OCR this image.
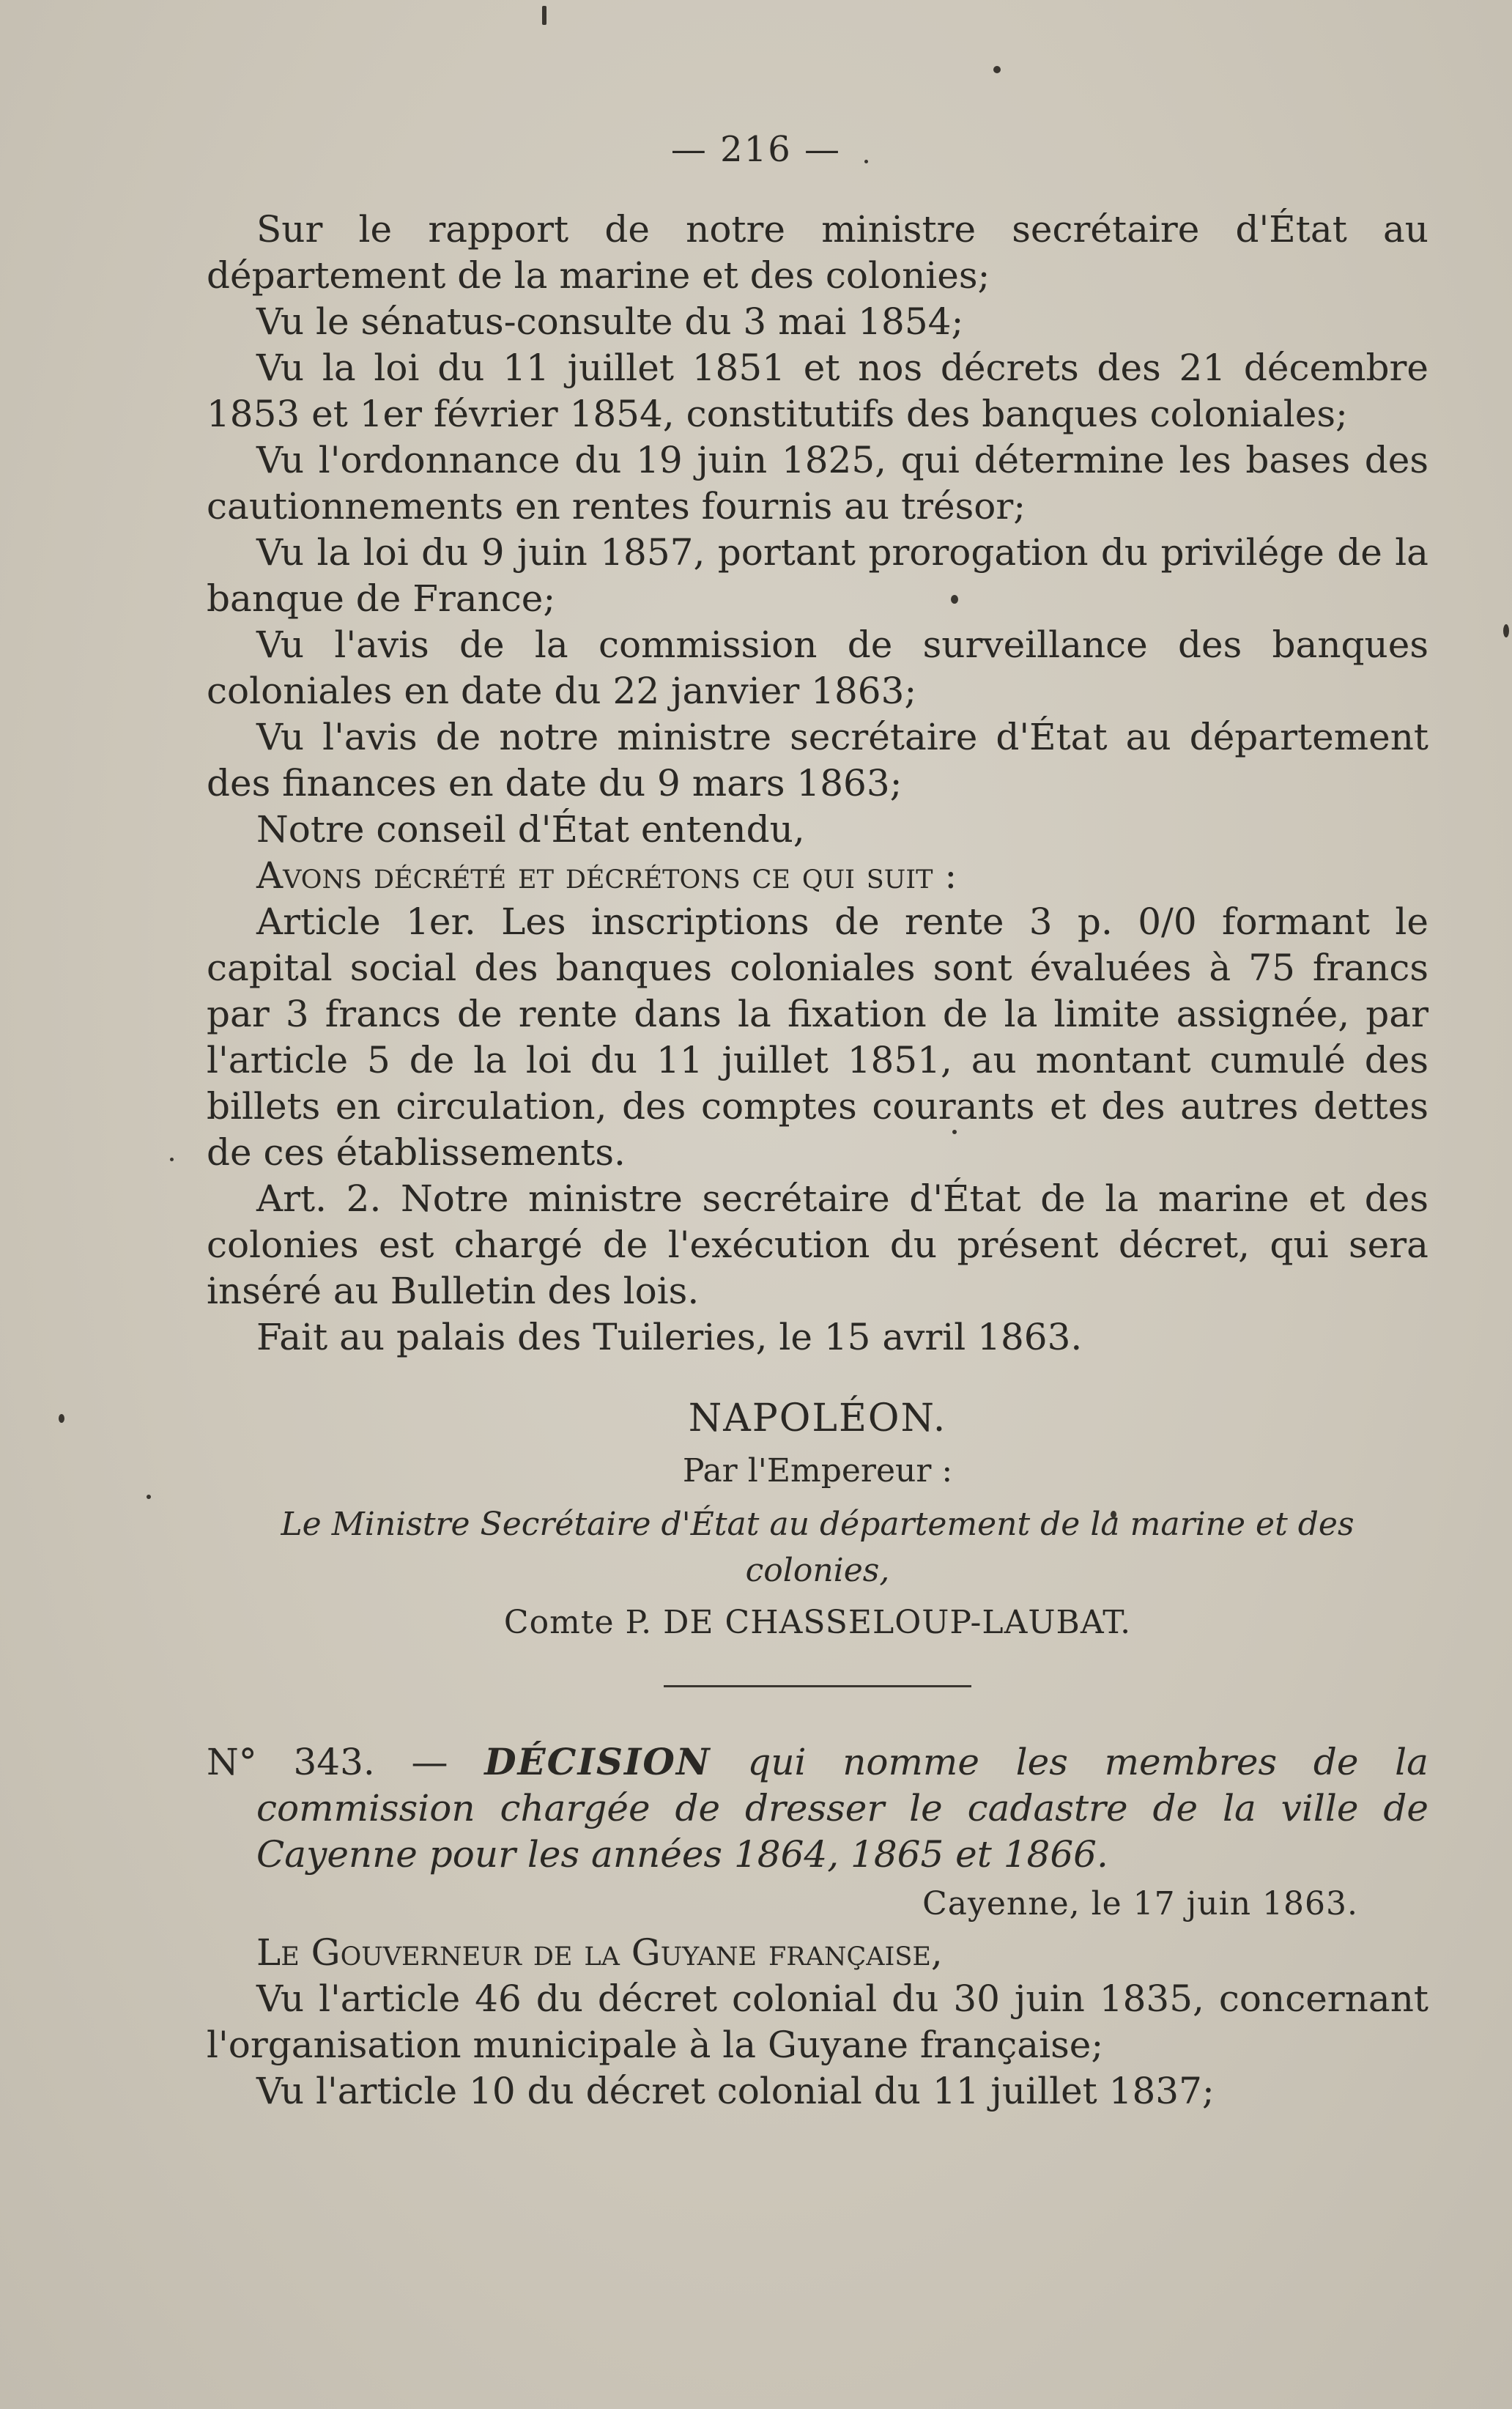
— 216 —

Sur le rapport de notre ministre secrétaire d'État au département de la marine et des colonies;

Vu le sénatus-consulte du 3 mai 1854;

Vu la loi du 11 juillet 1851 et nos décrets des 21 décembre 1853 et 1er février 1854, constitutifs des banques coloniales;

Vu l'ordonnance du 19 juin 1825, qui détermine les bases des cautionnements en rentes fournis au trésor;

Vu la loi du 9 juin 1857, portant prorogation du privilége de la banque de France;

Vu l'avis de la commission de surveillance des banques coloniales en date du 22 janvier 1863;

Vu l'avis de notre ministre secrétaire d'État au département des finances en date du 9 mars 1863;

Notre conseil d'État entendu,

Avons décrété et décrétons ce qui suit :

Article 1er. Les inscriptions de rente 3 p. 0/0 formant le capital social des banques coloniales sont évaluées à 75 francs par 3 francs de rente dans la fixation de la limite assignée, par l'article 5 de la loi du 11 juillet 1851, au montant cumulé des billets en circulation, des comptes courants et des autres dettes de ces établissements.

Art. 2. Notre ministre secrétaire d'État de la marine et des colonies est chargé de l'exécution du présent décret, qui sera inséré au Bulletin des lois.

Fait au palais des Tuileries, le 15 avril 1863.

NAPOLÉON.

Par l'Empereur :

Le Ministre Secrétaire d'État au département de la marine et des colonies,

Comte P. DE CHASSELOUP-LAUBAT.

N° 343. — DÉCISION qui nomme les membres de la commission chargée de dresser le cadastre de la ville de Cayenne pour les années 1864, 1865 et 1866.

Cayenne, le 17 juin 1863.

Le Gouverneur de la Guyane française,

Vu l'article 46 du décret colonial du 30 juin 1835, concernant l'organisation municipale à la Guyane française;

Vu l'article 10 du décret colonial du 11 juillet 1837;
